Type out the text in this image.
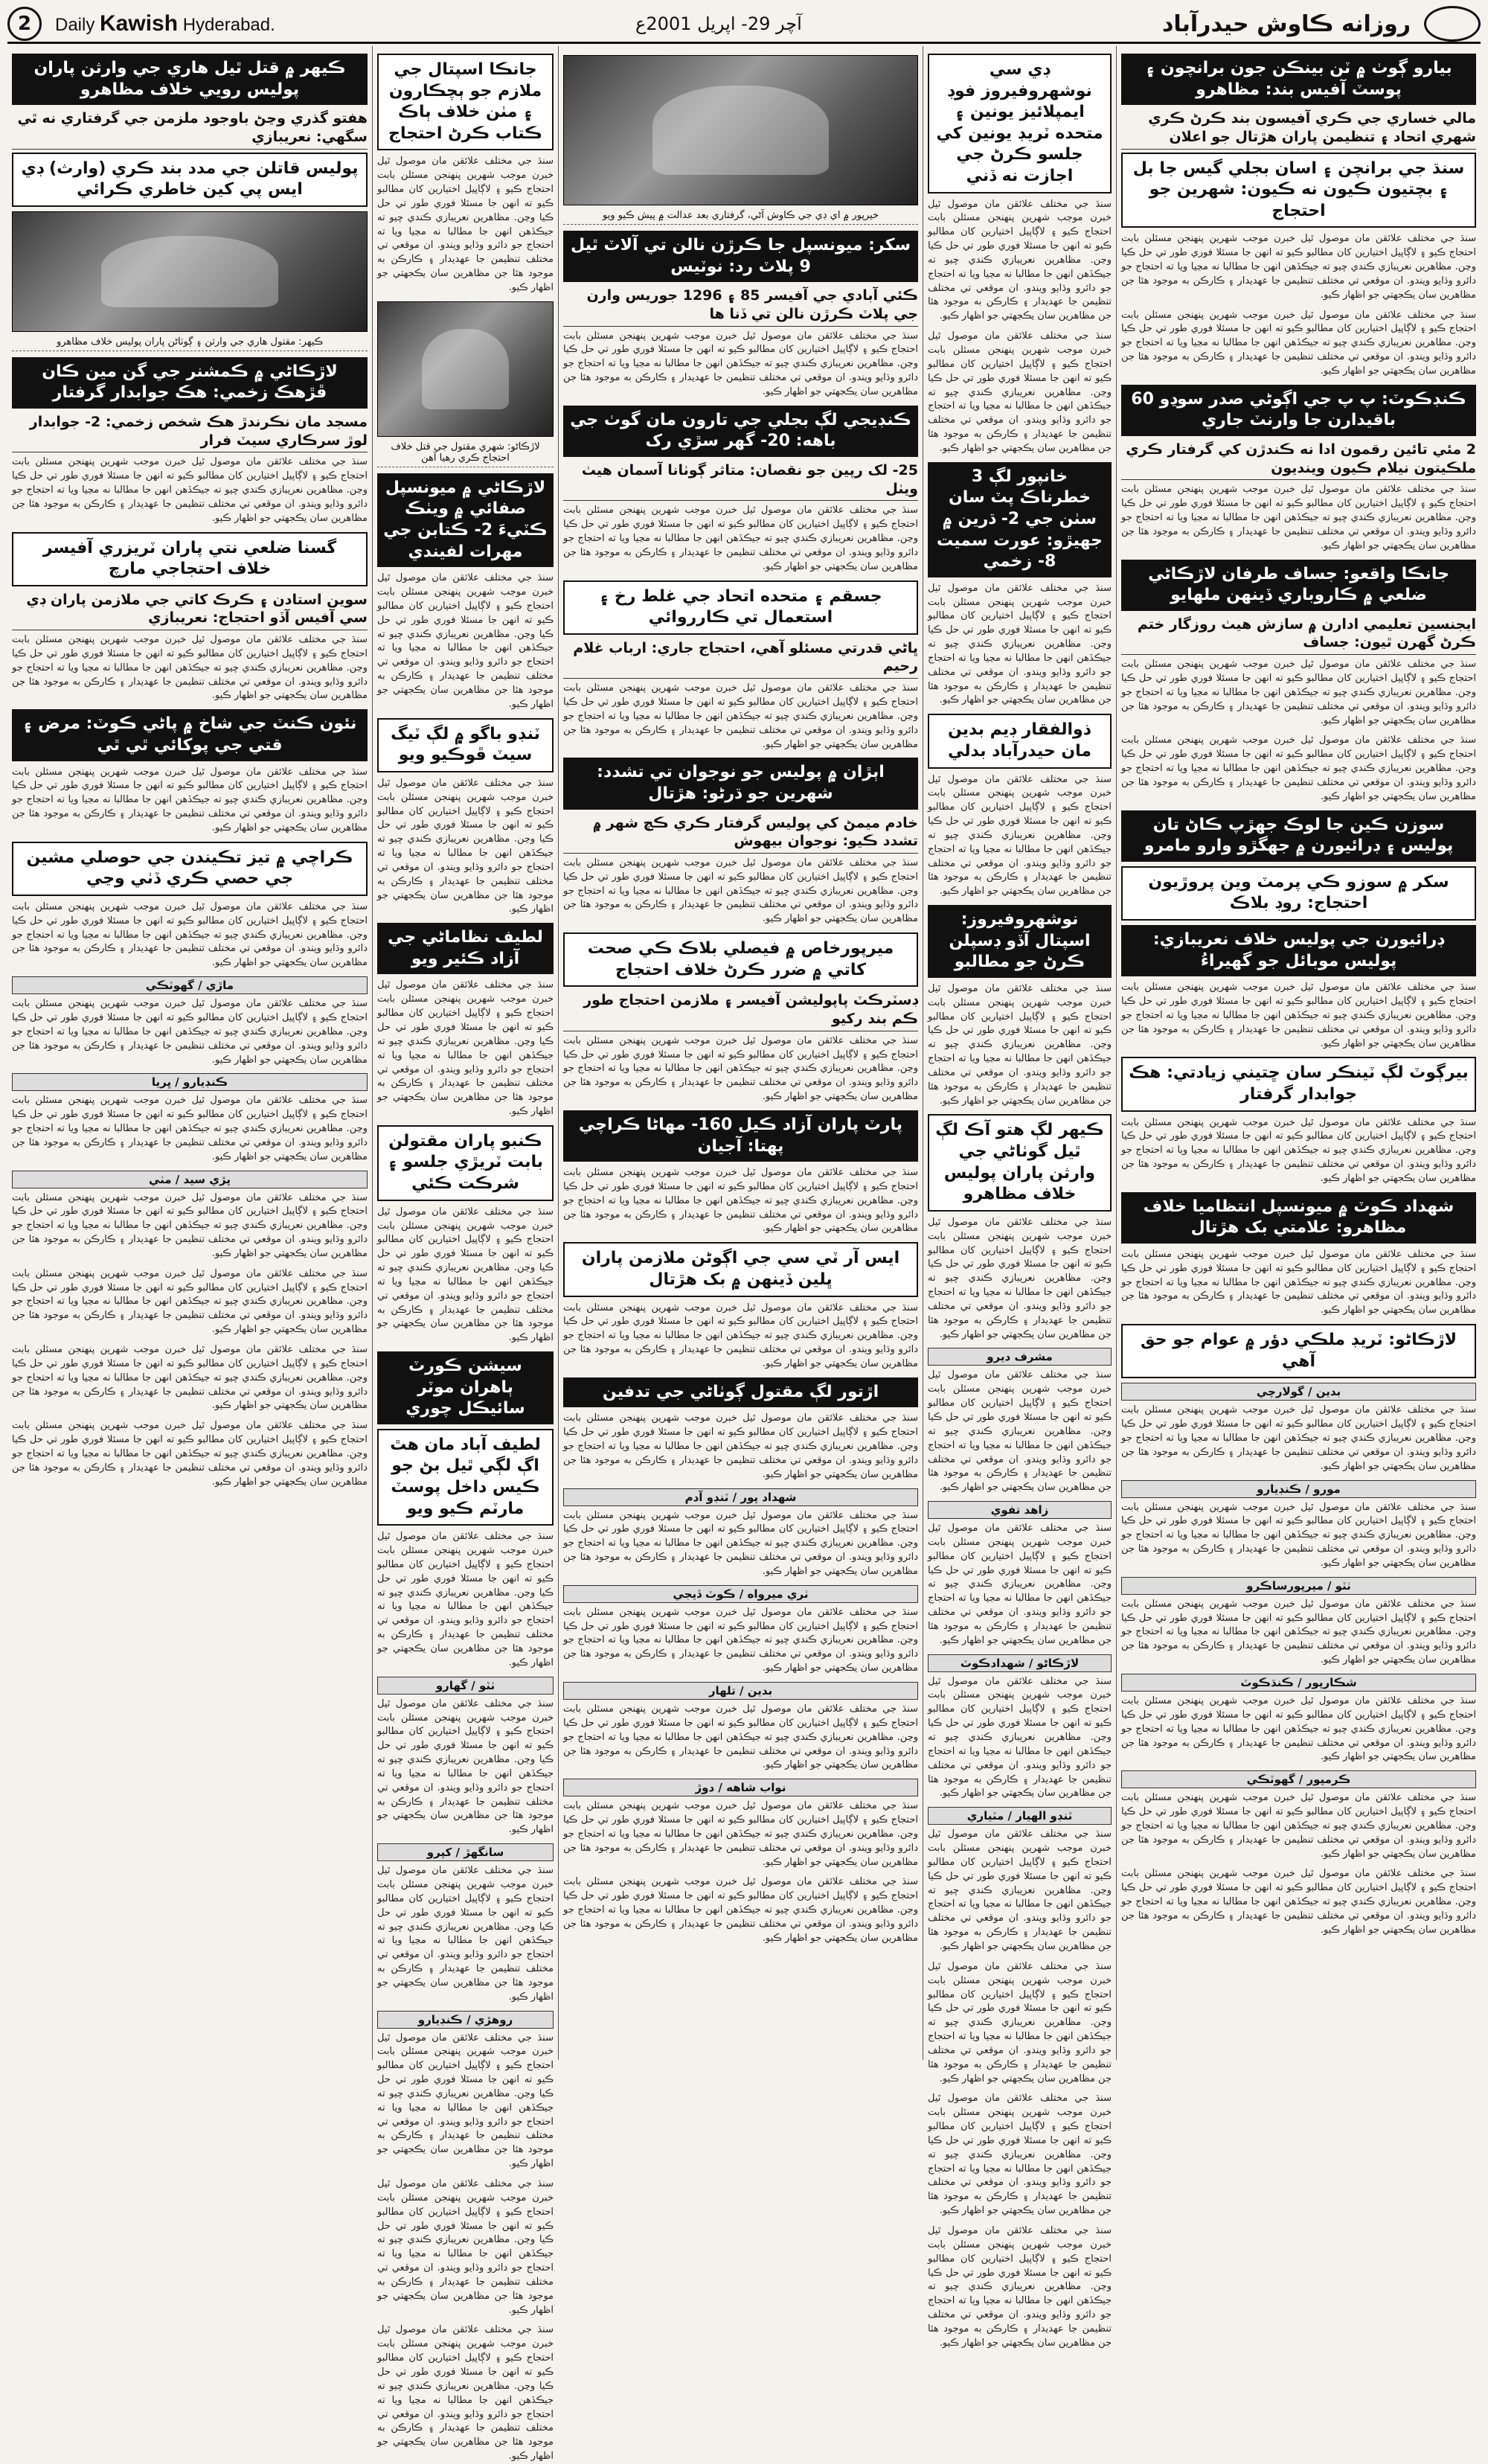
2	Daily Kawish Hyderabad.	آچر 29- اپريل 2001ع	روزانه ڪاوش حيدرآباد
بيارو ڳوٺ ۾ ٽن بينڪن جون برانچون ۽ پوسٽ آفيس بند: مظاهرو
مالي خساري جي ڪري آفيسون بند ڪرڻ ڪري شهري اتحاد ۽ تنظيمن پاران هڙتال جو اعلان
سنڌ جي برانچن ۽ اسان بجلي گيس جا بل ۽ بچتيون ڪيون نه ڪيون: شهرين جو احتجاج
سنڌ جي مختلف علائقن مان موصول ٿيل خبرن موجب شهرين پنهنجن مسئلن بابت احتجاج ڪيو ۽ لاڳاپيل اختيارين کان مطالبو ڪيو ته انهن جا مسئلا فوري طور تي حل ڪيا وڃن. مظاهرين نعريبازي ڪندي چيو ته جيڪڏهن انهن جا مطالبا نه مڃيا ويا ته احتجاج جو دائرو وڌايو ويندو. ان موقعي تي مختلف تنظيمن جا عهديدار ۽ ڪارڪن به موجود هئا جن مظاهرين سان يڪجهتي جو اظهار ڪيو.
سنڌ جي مختلف علائقن مان موصول ٿيل خبرن موجب شهرين پنهنجن مسئلن بابت احتجاج ڪيو ۽ لاڳاپيل اختيارين کان مطالبو ڪيو ته انهن جا مسئلا فوري طور تي حل ڪيا وڃن. مظاهرين نعريبازي ڪندي چيو ته جيڪڏهن انهن جا مطالبا نه مڃيا ويا ته احتجاج جو دائرو وڌايو ويندو. ان موقعي تي مختلف تنظيمن جا عهديدار ۽ ڪارڪن به موجود هئا جن مظاهرين سان يڪجهتي جو اظهار ڪيو.
ڪنڊڪوٽ: پ پ جي اڳوڻي صدر سوڍو 60 باقيدارن جا وارنٽ جاري
2 مئي تائين رقمون ادا نه ڪندڙن کي گرفتار ڪري ملڪيتون نيلام ڪيون وينديون
سنڌ جي مختلف علائقن مان موصول ٿيل خبرن موجب شهرين پنهنجن مسئلن بابت احتجاج ڪيو ۽ لاڳاپيل اختيارين کان مطالبو ڪيو ته انهن جا مسئلا فوري طور تي حل ڪيا وڃن. مظاهرين نعريبازي ڪندي چيو ته جيڪڏهن انهن جا مطالبا نه مڃيا ويا ته احتجاج جو دائرو وڌايو ويندو. ان موقعي تي مختلف تنظيمن جا عهديدار ۽ ڪارڪن به موجود هئا جن مظاهرين سان يڪجهتي جو اظهار ڪيو.
جانڪا واقعو: جساف طرفان لاڙڪاڻي ضلعي ۾ ڪاروباري ڏينهن ملهايو
ايجنسين تعليمي ادارن ۾ سازش هيٺ روزگار ختم ڪرڻ گهرن ٿيون: جساف
سنڌ جي مختلف علائقن مان موصول ٿيل خبرن موجب شهرين پنهنجن مسئلن بابت احتجاج ڪيو ۽ لاڳاپيل اختيارين کان مطالبو ڪيو ته انهن جا مسئلا فوري طور تي حل ڪيا وڃن. مظاهرين نعريبازي ڪندي چيو ته جيڪڏهن انهن جا مطالبا نه مڃيا ويا ته احتجاج جو دائرو وڌايو ويندو. ان موقعي تي مختلف تنظيمن جا عهديدار ۽ ڪارڪن به موجود هئا جن مظاهرين سان يڪجهتي جو اظهار ڪيو.
سنڌ جي مختلف علائقن مان موصول ٿيل خبرن موجب شهرين پنهنجن مسئلن بابت احتجاج ڪيو ۽ لاڳاپيل اختيارين کان مطالبو ڪيو ته انهن جا مسئلا فوري طور تي حل ڪيا وڃن. مظاهرين نعريبازي ڪندي چيو ته جيڪڏهن انهن جا مطالبا نه مڃيا ويا ته احتجاج جو دائرو وڌايو ويندو. ان موقعي تي مختلف تنظيمن جا عهديدار ۽ ڪارڪن به موجود هئا جن مظاهرين سان يڪجهتي جو اظهار ڪيو.
سوزن ڪين جا لوڪ جهڙپ ڪاڻ تان پوليس ۽ ڊرائيورن ۾ جهگڙو وارو مامرو
سکر ۾ سوزو ڪي پرمٽ وين پروڙيون احتجاج: روڊ بلاڪ
ڊرائيورن جي پوليس خلاف نعريبازي: پوليس موبائل جو گهيراءُ
سنڌ جي مختلف علائقن مان موصول ٿيل خبرن موجب شهرين پنهنجن مسئلن بابت احتجاج ڪيو ۽ لاڳاپيل اختيارين کان مطالبو ڪيو ته انهن جا مسئلا فوري طور تي حل ڪيا وڃن. مظاهرين نعريبازي ڪندي چيو ته جيڪڏهن انهن جا مطالبا نه مڃيا ويا ته احتجاج جو دائرو وڌايو ويندو. ان موقعي تي مختلف تنظيمن جا عهديدار ۽ ڪارڪن به موجود هئا جن مظاهرين سان يڪجهتي جو اظهار ڪيو.
بيرڳوٽ لڳ ٽينڪر سان ڇتيني زيادتي: هڪ جوابدار گرفتار
سنڌ جي مختلف علائقن مان موصول ٿيل خبرن موجب شهرين پنهنجن مسئلن بابت احتجاج ڪيو ۽ لاڳاپيل اختيارين کان مطالبو ڪيو ته انهن جا مسئلا فوري طور تي حل ڪيا وڃن. مظاهرين نعريبازي ڪندي چيو ته جيڪڏهن انهن جا مطالبا نه مڃيا ويا ته احتجاج جو دائرو وڌايو ويندو. ان موقعي تي مختلف تنظيمن جا عهديدار ۽ ڪارڪن به موجود هئا جن مظاهرين سان يڪجهتي جو اظهار ڪيو.
شهداد ڪوٽ ۾ ميونسپل انتظاميا خلاف مظاهرو: علامتي بک هڙتال
سنڌ جي مختلف علائقن مان موصول ٿيل خبرن موجب شهرين پنهنجن مسئلن بابت احتجاج ڪيو ۽ لاڳاپيل اختيارين کان مطالبو ڪيو ته انهن جا مسئلا فوري طور تي حل ڪيا وڃن. مظاهرين نعريبازي ڪندي چيو ته جيڪڏهن انهن جا مطالبا نه مڃيا ويا ته احتجاج جو دائرو وڌايو ويندو. ان موقعي تي مختلف تنظيمن جا عهديدار ۽ ڪارڪن به موجود هئا جن مظاهرين سان يڪجهتي جو اظهار ڪيو.
لاڙڪاڻو: ٽريڊ ملڪي دؤر ۾ عوام جو حق آهي
بدين / گولارچي
سنڌ جي مختلف علائقن مان موصول ٿيل خبرن موجب شهرين پنهنجن مسئلن بابت احتجاج ڪيو ۽ لاڳاپيل اختيارين کان مطالبو ڪيو ته انهن جا مسئلا فوري طور تي حل ڪيا وڃن. مظاهرين نعريبازي ڪندي چيو ته جيڪڏهن انهن جا مطالبا نه مڃيا ويا ته احتجاج جو دائرو وڌايو ويندو. ان موقعي تي مختلف تنظيمن جا عهديدار ۽ ڪارڪن به موجود هئا جن مظاهرين سان يڪجهتي جو اظهار ڪيو.
مورو / ڪنڊيارو
سنڌ جي مختلف علائقن مان موصول ٿيل خبرن موجب شهرين پنهنجن مسئلن بابت احتجاج ڪيو ۽ لاڳاپيل اختيارين کان مطالبو ڪيو ته انهن جا مسئلا فوري طور تي حل ڪيا وڃن. مظاهرين نعريبازي ڪندي چيو ته جيڪڏهن انهن جا مطالبا نه مڃيا ويا ته احتجاج جو دائرو وڌايو ويندو. ان موقعي تي مختلف تنظيمن جا عهديدار ۽ ڪارڪن به موجود هئا جن مظاهرين سان يڪجهتي جو اظهار ڪيو.
ٺٽو / ميرپورساڪرو
سنڌ جي مختلف علائقن مان موصول ٿيل خبرن موجب شهرين پنهنجن مسئلن بابت احتجاج ڪيو ۽ لاڳاپيل اختيارين کان مطالبو ڪيو ته انهن جا مسئلا فوري طور تي حل ڪيا وڃن. مظاهرين نعريبازي ڪندي چيو ته جيڪڏهن انهن جا مطالبا نه مڃيا ويا ته احتجاج جو دائرو وڌايو ويندو. ان موقعي تي مختلف تنظيمن جا عهديدار ۽ ڪارڪن به موجود هئا جن مظاهرين سان يڪجهتي جو اظهار ڪيو.
شڪارپور / ڪنڌڪوٽ
سنڌ جي مختلف علائقن مان موصول ٿيل خبرن موجب شهرين پنهنجن مسئلن بابت احتجاج ڪيو ۽ لاڳاپيل اختيارين کان مطالبو ڪيو ته انهن جا مسئلا فوري طور تي حل ڪيا وڃن. مظاهرين نعريبازي ڪندي چيو ته جيڪڏهن انهن جا مطالبا نه مڃيا ويا ته احتجاج جو دائرو وڌايو ويندو. ان موقعي تي مختلف تنظيمن جا عهديدار ۽ ڪارڪن به موجود هئا جن مظاهرين سان يڪجهتي جو اظهار ڪيو.
ڪرمپور / گھوٽڪي
سنڌ جي مختلف علائقن مان موصول ٿيل خبرن موجب شهرين پنهنجن مسئلن بابت احتجاج ڪيو ۽ لاڳاپيل اختيارين کان مطالبو ڪيو ته انهن جا مسئلا فوري طور تي حل ڪيا وڃن. مظاهرين نعريبازي ڪندي چيو ته جيڪڏهن انهن جا مطالبا نه مڃيا ويا ته احتجاج جو دائرو وڌايو ويندو. ان موقعي تي مختلف تنظيمن جا عهديدار ۽ ڪارڪن به موجود هئا جن مظاهرين سان يڪجهتي جو اظهار ڪيو.
سنڌ جي مختلف علائقن مان موصول ٿيل خبرن موجب شهرين پنهنجن مسئلن بابت احتجاج ڪيو ۽ لاڳاپيل اختيارين کان مطالبو ڪيو ته انهن جا مسئلا فوري طور تي حل ڪيا وڃن. مظاهرين نعريبازي ڪندي چيو ته جيڪڏهن انهن جا مطالبا نه مڃيا ويا ته احتجاج جو دائرو وڌايو ويندو. ان موقعي تي مختلف تنظيمن جا عهديدار ۽ ڪارڪن به موجود هئا جن مظاهرين سان يڪجهتي جو اظهار ڪيو.
ڊي سي نوشهروفيروز فوڊ ايمپلائيز يونين ۽ متحده ٽريڊ يونين کي جلسو ڪرڻ جي اجازت نه ڏني
سنڌ جي مختلف علائقن مان موصول ٿيل خبرن موجب شهرين پنهنجن مسئلن بابت احتجاج ڪيو ۽ لاڳاپيل اختيارين کان مطالبو ڪيو ته انهن جا مسئلا فوري طور تي حل ڪيا وڃن. مظاهرين نعريبازي ڪندي چيو ته جيڪڏهن انهن جا مطالبا نه مڃيا ويا ته احتجاج جو دائرو وڌايو ويندو. ان موقعي تي مختلف تنظيمن جا عهديدار ۽ ڪارڪن به موجود هئا جن مظاهرين سان يڪجهتي جو اظهار ڪيو.
سنڌ جي مختلف علائقن مان موصول ٿيل خبرن موجب شهرين پنهنجن مسئلن بابت احتجاج ڪيو ۽ لاڳاپيل اختيارين کان مطالبو ڪيو ته انهن جا مسئلا فوري طور تي حل ڪيا وڃن. مظاهرين نعريبازي ڪندي چيو ته جيڪڏهن انهن جا مطالبا نه مڃيا ويا ته احتجاج جو دائرو وڌايو ويندو. ان موقعي تي مختلف تنظيمن جا عهديدار ۽ ڪارڪن به موجود هئا جن مظاهرين سان يڪجهتي جو اظهار ڪيو.
خانپور لڳ 3 خطرناڪ پٽ سان سٺن جي 2- ڌرين ۾ جهيڙو: عورت سميت 8- زخمي
سنڌ جي مختلف علائقن مان موصول ٿيل خبرن موجب شهرين پنهنجن مسئلن بابت احتجاج ڪيو ۽ لاڳاپيل اختيارين کان مطالبو ڪيو ته انهن جا مسئلا فوري طور تي حل ڪيا وڃن. مظاهرين نعريبازي ڪندي چيو ته جيڪڏهن انهن جا مطالبا نه مڃيا ويا ته احتجاج جو دائرو وڌايو ويندو. ان موقعي تي مختلف تنظيمن جا عهديدار ۽ ڪارڪن به موجود هئا جن مظاهرين سان يڪجهتي جو اظهار ڪيو.
ذوالفقار ڊيم بدين مان حيدرآباد بدلي
سنڌ جي مختلف علائقن مان موصول ٿيل خبرن موجب شهرين پنهنجن مسئلن بابت احتجاج ڪيو ۽ لاڳاپيل اختيارين کان مطالبو ڪيو ته انهن جا مسئلا فوري طور تي حل ڪيا وڃن. مظاهرين نعريبازي ڪندي چيو ته جيڪڏهن انهن جا مطالبا نه مڃيا ويا ته احتجاج جو دائرو وڌايو ويندو. ان موقعي تي مختلف تنظيمن جا عهديدار ۽ ڪارڪن به موجود هئا جن مظاهرين سان يڪجهتي جو اظهار ڪيو.
نوشهروفيروز: اسپتال آڏو ڊسپلن ڪرڻ جو مطالبو
سنڌ جي مختلف علائقن مان موصول ٿيل خبرن موجب شهرين پنهنجن مسئلن بابت احتجاج ڪيو ۽ لاڳاپيل اختيارين کان مطالبو ڪيو ته انهن جا مسئلا فوري طور تي حل ڪيا وڃن. مظاهرين نعريبازي ڪندي چيو ته جيڪڏهن انهن جا مطالبا نه مڃيا ويا ته احتجاج جو دائرو وڌايو ويندو. ان موقعي تي مختلف تنظيمن جا عهديدار ۽ ڪارڪن به موجود هئا جن مظاهرين سان يڪجهتي جو اظهار ڪيو.
ڪيهر لڳ هتو آڪ لڳ ٿيل گوٺاڻي جي وارثن پاران پوليس خلاف مظاهرو
سنڌ جي مختلف علائقن مان موصول ٿيل خبرن موجب شهرين پنهنجن مسئلن بابت احتجاج ڪيو ۽ لاڳاپيل اختيارين کان مطالبو ڪيو ته انهن جا مسئلا فوري طور تي حل ڪيا وڃن. مظاهرين نعريبازي ڪندي چيو ته جيڪڏهن انهن جا مطالبا نه مڃيا ويا ته احتجاج جو دائرو وڌايو ويندو. ان موقعي تي مختلف تنظيمن جا عهديدار ۽ ڪارڪن به موجود هئا جن مظاهرين سان يڪجهتي جو اظهار ڪيو.
مشرف ديرو
سنڌ جي مختلف علائقن مان موصول ٿيل خبرن موجب شهرين پنهنجن مسئلن بابت احتجاج ڪيو ۽ لاڳاپيل اختيارين کان مطالبو ڪيو ته انهن جا مسئلا فوري طور تي حل ڪيا وڃن. مظاهرين نعريبازي ڪندي چيو ته جيڪڏهن انهن جا مطالبا نه مڃيا ويا ته احتجاج جو دائرو وڌايو ويندو. ان موقعي تي مختلف تنظيمن جا عهديدار ۽ ڪارڪن به موجود هئا جن مظاهرين سان يڪجهتي جو اظهار ڪيو.
زاهد تفوي
سنڌ جي مختلف علائقن مان موصول ٿيل خبرن موجب شهرين پنهنجن مسئلن بابت احتجاج ڪيو ۽ لاڳاپيل اختيارين کان مطالبو ڪيو ته انهن جا مسئلا فوري طور تي حل ڪيا وڃن. مظاهرين نعريبازي ڪندي چيو ته جيڪڏهن انهن جا مطالبا نه مڃيا ويا ته احتجاج جو دائرو وڌايو ويندو. ان موقعي تي مختلف تنظيمن جا عهديدار ۽ ڪارڪن به موجود هئا جن مظاهرين سان يڪجهتي جو اظهار ڪيو.
لاڙڪاڻو / شهدادڪوٽ
سنڌ جي مختلف علائقن مان موصول ٿيل خبرن موجب شهرين پنهنجن مسئلن بابت احتجاج ڪيو ۽ لاڳاپيل اختيارين کان مطالبو ڪيو ته انهن جا مسئلا فوري طور تي حل ڪيا وڃن. مظاهرين نعريبازي ڪندي چيو ته جيڪڏهن انهن جا مطالبا نه مڃيا ويا ته احتجاج جو دائرو وڌايو ويندو. ان موقعي تي مختلف تنظيمن جا عهديدار ۽ ڪارڪن به موجود هئا جن مظاهرين سان يڪجهتي جو اظهار ڪيو.
ٽنڊو الهيار / مٽياري
سنڌ جي مختلف علائقن مان موصول ٿيل خبرن موجب شهرين پنهنجن مسئلن بابت احتجاج ڪيو ۽ لاڳاپيل اختيارين کان مطالبو ڪيو ته انهن جا مسئلا فوري طور تي حل ڪيا وڃن. مظاهرين نعريبازي ڪندي چيو ته جيڪڏهن انهن جا مطالبا نه مڃيا ويا ته احتجاج جو دائرو وڌايو ويندو. ان موقعي تي مختلف تنظيمن جا عهديدار ۽ ڪارڪن به موجود هئا جن مظاهرين سان يڪجهتي جو اظهار ڪيو.
سنڌ جي مختلف علائقن مان موصول ٿيل خبرن موجب شهرين پنهنجن مسئلن بابت احتجاج ڪيو ۽ لاڳاپيل اختيارين کان مطالبو ڪيو ته انهن جا مسئلا فوري طور تي حل ڪيا وڃن. مظاهرين نعريبازي ڪندي چيو ته جيڪڏهن انهن جا مطالبا نه مڃيا ويا ته احتجاج جو دائرو وڌايو ويندو. ان موقعي تي مختلف تنظيمن جا عهديدار ۽ ڪارڪن به موجود هئا جن مظاهرين سان يڪجهتي جو اظهار ڪيو.
سنڌ جي مختلف علائقن مان موصول ٿيل خبرن موجب شهرين پنهنجن مسئلن بابت احتجاج ڪيو ۽ لاڳاپيل اختيارين کان مطالبو ڪيو ته انهن جا مسئلا فوري طور تي حل ڪيا وڃن. مظاهرين نعريبازي ڪندي چيو ته جيڪڏهن انهن جا مطالبا نه مڃيا ويا ته احتجاج جو دائرو وڌايو ويندو. ان موقعي تي مختلف تنظيمن جا عهديدار ۽ ڪارڪن به موجود هئا جن مظاهرين سان يڪجهتي جو اظهار ڪيو.
سنڌ جي مختلف علائقن مان موصول ٿيل خبرن موجب شهرين پنهنجن مسئلن بابت احتجاج ڪيو ۽ لاڳاپيل اختيارين کان مطالبو ڪيو ته انهن جا مسئلا فوري طور تي حل ڪيا وڃن. مظاهرين نعريبازي ڪندي چيو ته جيڪڏهن انهن جا مطالبا نه مڃيا ويا ته احتجاج جو دائرو وڌايو ويندو. ان موقعي تي مختلف تنظيمن جا عهديدار ۽ ڪارڪن به موجود هئا جن مظاهرين سان يڪجهتي جو اظهار ڪيو.
خيرپور ۾ اي ڊي جي ڪاوش آڻي، گرفتاري بعد عدالت ۾ پيش ڪيو ويو
سکر: ميونسپل جا ڪرڙن نالن تي آلاٽ ٿيل 9 پلاٽ رد: نوٽيس
ڪئي آبادي جي آفيسر 85 ۽ 1296 جوريس وارن جي پلاٽ ڪرڙن نالن تي ڏنا ها
سنڌ جي مختلف علائقن مان موصول ٿيل خبرن موجب شهرين پنهنجن مسئلن بابت احتجاج ڪيو ۽ لاڳاپيل اختيارين کان مطالبو ڪيو ته انهن جا مسئلا فوري طور تي حل ڪيا وڃن. مظاهرين نعريبازي ڪندي چيو ته جيڪڏهن انهن جا مطالبا نه مڃيا ويا ته احتجاج جو دائرو وڌايو ويندو. ان موقعي تي مختلف تنظيمن جا عهديدار ۽ ڪارڪن به موجود هئا جن مظاهرين سان يڪجهتي جو اظهار ڪيو.
ڪنڊيجي لڳ بجلي جي تارون مان گوٺ جي باهه: 20- گهر سڙي رک
25- لک رپين جو نقصان: متاثر ڳوٺانا آسمان هيٺ ويٺل
سنڌ جي مختلف علائقن مان موصول ٿيل خبرن موجب شهرين پنهنجن مسئلن بابت احتجاج ڪيو ۽ لاڳاپيل اختيارين کان مطالبو ڪيو ته انهن جا مسئلا فوري طور تي حل ڪيا وڃن. مظاهرين نعريبازي ڪندي چيو ته جيڪڏهن انهن جا مطالبا نه مڃيا ويا ته احتجاج جو دائرو وڌايو ويندو. ان موقعي تي مختلف تنظيمن جا عهديدار ۽ ڪارڪن به موجود هئا جن مظاهرين سان يڪجهتي جو اظهار ڪيو.
جسقم ۽ متحده اتحاد جي غلط رخ ۽ استعمال تي ڪارروائي
ڀاڻي قدرتي مسئلو آهي، احتجاج جاري: ارباب غلام رحيم
سنڌ جي مختلف علائقن مان موصول ٿيل خبرن موجب شهرين پنهنجن مسئلن بابت احتجاج ڪيو ۽ لاڳاپيل اختيارين کان مطالبو ڪيو ته انهن جا مسئلا فوري طور تي حل ڪيا وڃن. مظاهرين نعريبازي ڪندي چيو ته جيڪڏهن انهن جا مطالبا نه مڃيا ويا ته احتجاج جو دائرو وڌايو ويندو. ان موقعي تي مختلف تنظيمن جا عهديدار ۽ ڪارڪن به موجود هئا جن مظاهرين سان يڪجهتي جو اظهار ڪيو.
اٻڙان ۾ پوليس جو نوجوان تي تشدد: شهرين جو ڌرڻو: هڙتال
خادم ميمڻ کي پوليس گرفتار ڪري ڪچ شهر ۾ تشدد ڪيو: نوجوان بيهوش
سنڌ جي مختلف علائقن مان موصول ٿيل خبرن موجب شهرين پنهنجن مسئلن بابت احتجاج ڪيو ۽ لاڳاپيل اختيارين کان مطالبو ڪيو ته انهن جا مسئلا فوري طور تي حل ڪيا وڃن. مظاهرين نعريبازي ڪندي چيو ته جيڪڏهن انهن جا مطالبا نه مڃيا ويا ته احتجاج جو دائرو وڌايو ويندو. ان موقعي تي مختلف تنظيمن جا عهديدار ۽ ڪارڪن به موجود هئا جن مظاهرين سان يڪجهتي جو اظهار ڪيو.
ميرپورخاص ۾ فيصلي بلاڪ ڪي صحت کاتي ۾ ضرر ڪرڻ خلاف احتجاج
ڊسٽرڪٽ پاپوليشن آفيسر ۽ ملازمن احتجاج طور ڪم بند رکيو
سنڌ جي مختلف علائقن مان موصول ٿيل خبرن موجب شهرين پنهنجن مسئلن بابت احتجاج ڪيو ۽ لاڳاپيل اختيارين کان مطالبو ڪيو ته انهن جا مسئلا فوري طور تي حل ڪيا وڃن. مظاهرين نعريبازي ڪندي چيو ته جيڪڏهن انهن جا مطالبا نه مڃيا ويا ته احتجاج جو دائرو وڌايو ويندو. ان موقعي تي مختلف تنظيمن جا عهديدار ۽ ڪارڪن به موجود هئا جن مظاهرين سان يڪجهتي جو اظهار ڪيو.
پارٽ پاران آزاد ڪيل 160- مهاڻا ڪراچي پهتا: آجيان
سنڌ جي مختلف علائقن مان موصول ٿيل خبرن موجب شهرين پنهنجن مسئلن بابت احتجاج ڪيو ۽ لاڳاپيل اختيارين کان مطالبو ڪيو ته انهن جا مسئلا فوري طور تي حل ڪيا وڃن. مظاهرين نعريبازي ڪندي چيو ته جيڪڏهن انهن جا مطالبا نه مڃيا ويا ته احتجاج جو دائرو وڌايو ويندو. ان موقعي تي مختلف تنظيمن جا عهديدار ۽ ڪارڪن به موجود هئا جن مظاهرين سان يڪجهتي جو اظهار ڪيو.
ايس آر ٽي سي جي اڳوڻن ملازمن پاران ڀلين ڏينهن ۾ بک هڙتال
سنڌ جي مختلف علائقن مان موصول ٿيل خبرن موجب شهرين پنهنجن مسئلن بابت احتجاج ڪيو ۽ لاڳاپيل اختيارين کان مطالبو ڪيو ته انهن جا مسئلا فوري طور تي حل ڪيا وڃن. مظاهرين نعريبازي ڪندي چيو ته جيڪڏهن انهن جا مطالبا نه مڃيا ويا ته احتجاج جو دائرو وڌايو ويندو. ان موقعي تي مختلف تنظيمن جا عهديدار ۽ ڪارڪن به موجود هئا جن مظاهرين سان يڪجهتي جو اظهار ڪيو.
اڙتور لڳ مقتول ڳوٺاڻي جي تدفين
سنڌ جي مختلف علائقن مان موصول ٿيل خبرن موجب شهرين پنهنجن مسئلن بابت احتجاج ڪيو ۽ لاڳاپيل اختيارين کان مطالبو ڪيو ته انهن جا مسئلا فوري طور تي حل ڪيا وڃن. مظاهرين نعريبازي ڪندي چيو ته جيڪڏهن انهن جا مطالبا نه مڃيا ويا ته احتجاج جو دائرو وڌايو ويندو. ان موقعي تي مختلف تنظيمن جا عهديدار ۽ ڪارڪن به موجود هئا جن مظاهرين سان يڪجهتي جو اظهار ڪيو.
شهداد پور / ٽنڊو آدم
سنڌ جي مختلف علائقن مان موصول ٿيل خبرن موجب شهرين پنهنجن مسئلن بابت احتجاج ڪيو ۽ لاڳاپيل اختيارين کان مطالبو ڪيو ته انهن جا مسئلا فوري طور تي حل ڪيا وڃن. مظاهرين نعريبازي ڪندي چيو ته جيڪڏهن انهن جا مطالبا نه مڃيا ويا ته احتجاج جو دائرو وڌايو ويندو. ان موقعي تي مختلف تنظيمن جا عهديدار ۽ ڪارڪن به موجود هئا جن مظاهرين سان يڪجهتي جو اظهار ڪيو.
ٺري ميرواه / ڪوٽ ڏيجي
سنڌ جي مختلف علائقن مان موصول ٿيل خبرن موجب شهرين پنهنجن مسئلن بابت احتجاج ڪيو ۽ لاڳاپيل اختيارين کان مطالبو ڪيو ته انهن جا مسئلا فوري طور تي حل ڪيا وڃن. مظاهرين نعريبازي ڪندي چيو ته جيڪڏهن انهن جا مطالبا نه مڃيا ويا ته احتجاج جو دائرو وڌايو ويندو. ان موقعي تي مختلف تنظيمن جا عهديدار ۽ ڪارڪن به موجود هئا جن مظاهرين سان يڪجهتي جو اظهار ڪيو.
بدين / تلهار
سنڌ جي مختلف علائقن مان موصول ٿيل خبرن موجب شهرين پنهنجن مسئلن بابت احتجاج ڪيو ۽ لاڳاپيل اختيارين کان مطالبو ڪيو ته انهن جا مسئلا فوري طور تي حل ڪيا وڃن. مظاهرين نعريبازي ڪندي چيو ته جيڪڏهن انهن جا مطالبا نه مڃيا ويا ته احتجاج جو دائرو وڌايو ويندو. ان موقعي تي مختلف تنظيمن جا عهديدار ۽ ڪارڪن به موجود هئا جن مظاهرين سان يڪجهتي جو اظهار ڪيو.
نواب شاهه / دوڙ
سنڌ جي مختلف علائقن مان موصول ٿيل خبرن موجب شهرين پنهنجن مسئلن بابت احتجاج ڪيو ۽ لاڳاپيل اختيارين کان مطالبو ڪيو ته انهن جا مسئلا فوري طور تي حل ڪيا وڃن. مظاهرين نعريبازي ڪندي چيو ته جيڪڏهن انهن جا مطالبا نه مڃيا ويا ته احتجاج جو دائرو وڌايو ويندو. ان موقعي تي مختلف تنظيمن جا عهديدار ۽ ڪارڪن به موجود هئا جن مظاهرين سان يڪجهتي جو اظهار ڪيو.
سنڌ جي مختلف علائقن مان موصول ٿيل خبرن موجب شهرين پنهنجن مسئلن بابت احتجاج ڪيو ۽ لاڳاپيل اختيارين کان مطالبو ڪيو ته انهن جا مسئلا فوري طور تي حل ڪيا وڃن. مظاهرين نعريبازي ڪندي چيو ته جيڪڏهن انهن جا مطالبا نه مڃيا ويا ته احتجاج جو دائرو وڌايو ويندو. ان موقعي تي مختلف تنظيمن جا عهديدار ۽ ڪارڪن به موجود هئا جن مظاهرين سان يڪجهتي جو اظهار ڪيو.
جانڪا اسپتال جي ملازم جو ٻچڪارون ۽ مٺن خلاف ٻاڪ ڪتاب ڪرڻ احتجاج
سنڌ جي مختلف علائقن مان موصول ٿيل خبرن موجب شهرين پنهنجن مسئلن بابت احتجاج ڪيو ۽ لاڳاپيل اختيارين کان مطالبو ڪيو ته انهن جا مسئلا فوري طور تي حل ڪيا وڃن. مظاهرين نعريبازي ڪندي چيو ته جيڪڏهن انهن جا مطالبا نه مڃيا ويا ته احتجاج جو دائرو وڌايو ويندو. ان موقعي تي مختلف تنظيمن جا عهديدار ۽ ڪارڪن به موجود هئا جن مظاهرين سان يڪجهتي جو اظهار ڪيو.
لاڙڪاڻو: شهري مقتول جي قتل خلاف احتجاج ڪري رهيا آهن
لاڙڪاڻي ۾ ميونسپل صفائي ۾ ويٺڪ ڪٽيءَ 2- ڪتابن جي مهرات لفيندي
سنڌ جي مختلف علائقن مان موصول ٿيل خبرن موجب شهرين پنهنجن مسئلن بابت احتجاج ڪيو ۽ لاڳاپيل اختيارين کان مطالبو ڪيو ته انهن جا مسئلا فوري طور تي حل ڪيا وڃن. مظاهرين نعريبازي ڪندي چيو ته جيڪڏهن انهن جا مطالبا نه مڃيا ويا ته احتجاج جو دائرو وڌايو ويندو. ان موقعي تي مختلف تنظيمن جا عهديدار ۽ ڪارڪن به موجود هئا جن مظاهرين سان يڪجهتي جو اظهار ڪيو.
ٽنڊو باگو ۾ لڳ ٽيگ سيٽ ڦوڪيو ويو
سنڌ جي مختلف علائقن مان موصول ٿيل خبرن موجب شهرين پنهنجن مسئلن بابت احتجاج ڪيو ۽ لاڳاپيل اختيارين کان مطالبو ڪيو ته انهن جا مسئلا فوري طور تي حل ڪيا وڃن. مظاهرين نعريبازي ڪندي چيو ته جيڪڏهن انهن جا مطالبا نه مڃيا ويا ته احتجاج جو دائرو وڌايو ويندو. ان موقعي تي مختلف تنظيمن جا عهديدار ۽ ڪارڪن به موجود هئا جن مظاهرين سان يڪجهتي جو اظهار ڪيو.
لطيف نظاماڻي جي آزاد ڪئير ويو
سنڌ جي مختلف علائقن مان موصول ٿيل خبرن موجب شهرين پنهنجن مسئلن بابت احتجاج ڪيو ۽ لاڳاپيل اختيارين کان مطالبو ڪيو ته انهن جا مسئلا فوري طور تي حل ڪيا وڃن. مظاهرين نعريبازي ڪندي چيو ته جيڪڏهن انهن جا مطالبا نه مڃيا ويا ته احتجاج جو دائرو وڌايو ويندو. ان موقعي تي مختلف تنظيمن جا عهديدار ۽ ڪارڪن به موجود هئا جن مظاهرين سان يڪجهتي جو اظهار ڪيو.
ڪنبو پاران مقتولن بابت ٽريڙي جلسو ۽ شرڪت ڪئي
سنڌ جي مختلف علائقن مان موصول ٿيل خبرن موجب شهرين پنهنجن مسئلن بابت احتجاج ڪيو ۽ لاڳاپيل اختيارين کان مطالبو ڪيو ته انهن جا مسئلا فوري طور تي حل ڪيا وڃن. مظاهرين نعريبازي ڪندي چيو ته جيڪڏهن انهن جا مطالبا نه مڃيا ويا ته احتجاج جو دائرو وڌايو ويندو. ان موقعي تي مختلف تنظيمن جا عهديدار ۽ ڪارڪن به موجود هئا جن مظاهرين سان يڪجهتي جو اظهار ڪيو.
سيشن ڪورٽ ٻاهران موٽر سائيڪل چوري
لطيف آباد مان هٿ اڳ لڳي ٿيل بڻ جو ڪيس داخل پوسٽ مارٽم ڪيو ويو
سنڌ جي مختلف علائقن مان موصول ٿيل خبرن موجب شهرين پنهنجن مسئلن بابت احتجاج ڪيو ۽ لاڳاپيل اختيارين کان مطالبو ڪيو ته انهن جا مسئلا فوري طور تي حل ڪيا وڃن. مظاهرين نعريبازي ڪندي چيو ته جيڪڏهن انهن جا مطالبا نه مڃيا ويا ته احتجاج جو دائرو وڌايو ويندو. ان موقعي تي مختلف تنظيمن جا عهديدار ۽ ڪارڪن به موجود هئا جن مظاهرين سان يڪجهتي جو اظهار ڪيو.
ٺٽو / گهارو
سنڌ جي مختلف علائقن مان موصول ٿيل خبرن موجب شهرين پنهنجن مسئلن بابت احتجاج ڪيو ۽ لاڳاپيل اختيارين کان مطالبو ڪيو ته انهن جا مسئلا فوري طور تي حل ڪيا وڃن. مظاهرين نعريبازي ڪندي چيو ته جيڪڏهن انهن جا مطالبا نه مڃيا ويا ته احتجاج جو دائرو وڌايو ويندو. ان موقعي تي مختلف تنظيمن جا عهديدار ۽ ڪارڪن به موجود هئا جن مظاهرين سان يڪجهتي جو اظهار ڪيو.
سانگهڙ / کپرو
سنڌ جي مختلف علائقن مان موصول ٿيل خبرن موجب شهرين پنهنجن مسئلن بابت احتجاج ڪيو ۽ لاڳاپيل اختيارين کان مطالبو ڪيو ته انهن جا مسئلا فوري طور تي حل ڪيا وڃن. مظاهرين نعريبازي ڪندي چيو ته جيڪڏهن انهن جا مطالبا نه مڃيا ويا ته احتجاج جو دائرو وڌايو ويندو. ان موقعي تي مختلف تنظيمن جا عهديدار ۽ ڪارڪن به موجود هئا جن مظاهرين سان يڪجهتي جو اظهار ڪيو.
روهڙي / ڪنڊيارو
سنڌ جي مختلف علائقن مان موصول ٿيل خبرن موجب شهرين پنهنجن مسئلن بابت احتجاج ڪيو ۽ لاڳاپيل اختيارين کان مطالبو ڪيو ته انهن جا مسئلا فوري طور تي حل ڪيا وڃن. مظاهرين نعريبازي ڪندي چيو ته جيڪڏهن انهن جا مطالبا نه مڃيا ويا ته احتجاج جو دائرو وڌايو ويندو. ان موقعي تي مختلف تنظيمن جا عهديدار ۽ ڪارڪن به موجود هئا جن مظاهرين سان يڪجهتي جو اظهار ڪيو.
سنڌ جي مختلف علائقن مان موصول ٿيل خبرن موجب شهرين پنهنجن مسئلن بابت احتجاج ڪيو ۽ لاڳاپيل اختيارين کان مطالبو ڪيو ته انهن جا مسئلا فوري طور تي حل ڪيا وڃن. مظاهرين نعريبازي ڪندي چيو ته جيڪڏهن انهن جا مطالبا نه مڃيا ويا ته احتجاج جو دائرو وڌايو ويندو. ان موقعي تي مختلف تنظيمن جا عهديدار ۽ ڪارڪن به موجود هئا جن مظاهرين سان يڪجهتي جو اظهار ڪيو.
سنڌ جي مختلف علائقن مان موصول ٿيل خبرن موجب شهرين پنهنجن مسئلن بابت احتجاج ڪيو ۽ لاڳاپيل اختيارين کان مطالبو ڪيو ته انهن جا مسئلا فوري طور تي حل ڪيا وڃن. مظاهرين نعريبازي ڪندي چيو ته جيڪڏهن انهن جا مطالبا نه مڃيا ويا ته احتجاج جو دائرو وڌايو ويندو. ان موقعي تي مختلف تنظيمن جا عهديدار ۽ ڪارڪن به موجود هئا جن مظاهرين سان يڪجهتي جو اظهار ڪيو.
ڪيهر ۾ قتل ٿيل هاري جي وارثن پاران پوليس رويي خلاف مظاهرو
هفتو گذري وڃڻ باوجود ملزمن جي گرفتاري نه ٿي سگهي: نعريبازي
پوليس قاتلن جي مدد بند ڪري (وارث) ڊي ايس پي کين خاطري ڪرائي
ڪيهر: مقتول هاري جي وارثن ۽ ڳوٺاڻن پاران پوليس خلاف مظاهرو
لاڙڪاڻي ۾ ڪمشنر جي گن مين ڪان ڦڙهڪ زخمي: هڪ جوابدار گرفتار
مسجد مان نڪرندڙ هڪ شخص زخمي: 2- جوابدار لوڙ سرڪاري سيٽ فرار
سنڌ جي مختلف علائقن مان موصول ٿيل خبرن موجب شهرين پنهنجن مسئلن بابت احتجاج ڪيو ۽ لاڳاپيل اختيارين کان مطالبو ڪيو ته انهن جا مسئلا فوري طور تي حل ڪيا وڃن. مظاهرين نعريبازي ڪندي چيو ته جيڪڏهن انهن جا مطالبا نه مڃيا ويا ته احتجاج جو دائرو وڌايو ويندو. ان موقعي تي مختلف تنظيمن جا عهديدار ۽ ڪارڪن به موجود هئا جن مظاهرين سان يڪجهتي جو اظهار ڪيو.
گسنا ضلعي نتي پاران ٽريزري آفيسر خلاف احتجاجي مارچ
سوين استادن ۽ ڪرڪ کاتي جي ملازمن پاران ڊي سي آفيس آڏو احتجاج: نعريبازي
سنڌ جي مختلف علائقن مان موصول ٿيل خبرن موجب شهرين پنهنجن مسئلن بابت احتجاج ڪيو ۽ لاڳاپيل اختيارين کان مطالبو ڪيو ته انهن جا مسئلا فوري طور تي حل ڪيا وڃن. مظاهرين نعريبازي ڪندي چيو ته جيڪڏهن انهن جا مطالبا نه مڃيا ويا ته احتجاج جو دائرو وڌايو ويندو. ان موقعي تي مختلف تنظيمن جا عهديدار ۽ ڪارڪن به موجود هئا جن مظاهرين سان يڪجهتي جو اظهار ڪيو.
نئون ڪنٽ جي شاخ ۾ پاڻي ڪوٽ: مرض ۽ قتي جي پوکائي ٿي ٿي
سنڌ جي مختلف علائقن مان موصول ٿيل خبرن موجب شهرين پنهنجن مسئلن بابت احتجاج ڪيو ۽ لاڳاپيل اختيارين کان مطالبو ڪيو ته انهن جا مسئلا فوري طور تي حل ڪيا وڃن. مظاهرين نعريبازي ڪندي چيو ته جيڪڏهن انهن جا مطالبا نه مڃيا ويا ته احتجاج جو دائرو وڌايو ويندو. ان موقعي تي مختلف تنظيمن جا عهديدار ۽ ڪارڪن به موجود هئا جن مظاهرين سان يڪجهتي جو اظهار ڪيو.
ڪراچي ۾ تيز تڪيندن جي حوصلي مشين جي حصي ڪري ڏٺي وڃي
سنڌ جي مختلف علائقن مان موصول ٿيل خبرن موجب شهرين پنهنجن مسئلن بابت احتجاج ڪيو ۽ لاڳاپيل اختيارين کان مطالبو ڪيو ته انهن جا مسئلا فوري طور تي حل ڪيا وڃن. مظاهرين نعريبازي ڪندي چيو ته جيڪڏهن انهن جا مطالبا نه مڃيا ويا ته احتجاج جو دائرو وڌايو ويندو. ان موقعي تي مختلف تنظيمن جا عهديدار ۽ ڪارڪن به موجود هئا جن مظاهرين سان يڪجهتي جو اظهار ڪيو.
ماڙي / گھوٽڪي
سنڌ جي مختلف علائقن مان موصول ٿيل خبرن موجب شهرين پنهنجن مسئلن بابت احتجاج ڪيو ۽ لاڳاپيل اختيارين کان مطالبو ڪيو ته انهن جا مسئلا فوري طور تي حل ڪيا وڃن. مظاهرين نعريبازي ڪندي چيو ته جيڪڏهن انهن جا مطالبا نه مڃيا ويا ته احتجاج جو دائرو وڌايو ويندو. ان موقعي تي مختلف تنظيمن جا عهديدار ۽ ڪارڪن به موجود هئا جن مظاهرين سان يڪجهتي جو اظهار ڪيو.
ڪنڊيارو / ڀريا
سنڌ جي مختلف علائقن مان موصول ٿيل خبرن موجب شهرين پنهنجن مسئلن بابت احتجاج ڪيو ۽ لاڳاپيل اختيارين کان مطالبو ڪيو ته انهن جا مسئلا فوري طور تي حل ڪيا وڃن. مظاهرين نعريبازي ڪندي چيو ته جيڪڏهن انهن جا مطالبا نه مڃيا ويا ته احتجاج جو دائرو وڌايو ويندو. ان موقعي تي مختلف تنظيمن جا عهديدار ۽ ڪارڪن به موجود هئا جن مظاهرين سان يڪجهتي جو اظهار ڪيو.
پڙي سيد / مٺي
سنڌ جي مختلف علائقن مان موصول ٿيل خبرن موجب شهرين پنهنجن مسئلن بابت احتجاج ڪيو ۽ لاڳاپيل اختيارين کان مطالبو ڪيو ته انهن جا مسئلا فوري طور تي حل ڪيا وڃن. مظاهرين نعريبازي ڪندي چيو ته جيڪڏهن انهن جا مطالبا نه مڃيا ويا ته احتجاج جو دائرو وڌايو ويندو. ان موقعي تي مختلف تنظيمن جا عهديدار ۽ ڪارڪن به موجود هئا جن مظاهرين سان يڪجهتي جو اظهار ڪيو.
سنڌ جي مختلف علائقن مان موصول ٿيل خبرن موجب شهرين پنهنجن مسئلن بابت احتجاج ڪيو ۽ لاڳاپيل اختيارين کان مطالبو ڪيو ته انهن جا مسئلا فوري طور تي حل ڪيا وڃن. مظاهرين نعريبازي ڪندي چيو ته جيڪڏهن انهن جا مطالبا نه مڃيا ويا ته احتجاج جو دائرو وڌايو ويندو. ان موقعي تي مختلف تنظيمن جا عهديدار ۽ ڪارڪن به موجود هئا جن مظاهرين سان يڪجهتي جو اظهار ڪيو.
سنڌ جي مختلف علائقن مان موصول ٿيل خبرن موجب شهرين پنهنجن مسئلن بابت احتجاج ڪيو ۽ لاڳاپيل اختيارين کان مطالبو ڪيو ته انهن جا مسئلا فوري طور تي حل ڪيا وڃن. مظاهرين نعريبازي ڪندي چيو ته جيڪڏهن انهن جا مطالبا نه مڃيا ويا ته احتجاج جو دائرو وڌايو ويندو. ان موقعي تي مختلف تنظيمن جا عهديدار ۽ ڪارڪن به موجود هئا جن مظاهرين سان يڪجهتي جو اظهار ڪيو.
سنڌ جي مختلف علائقن مان موصول ٿيل خبرن موجب شهرين پنهنجن مسئلن بابت احتجاج ڪيو ۽ لاڳاپيل اختيارين کان مطالبو ڪيو ته انهن جا مسئلا فوري طور تي حل ڪيا وڃن. مظاهرين نعريبازي ڪندي چيو ته جيڪڏهن انهن جا مطالبا نه مڃيا ويا ته احتجاج جو دائرو وڌايو ويندو. ان موقعي تي مختلف تنظيمن جا عهديدار ۽ ڪارڪن به موجود هئا جن مظاهرين سان يڪجهتي جو اظهار ڪيو.
